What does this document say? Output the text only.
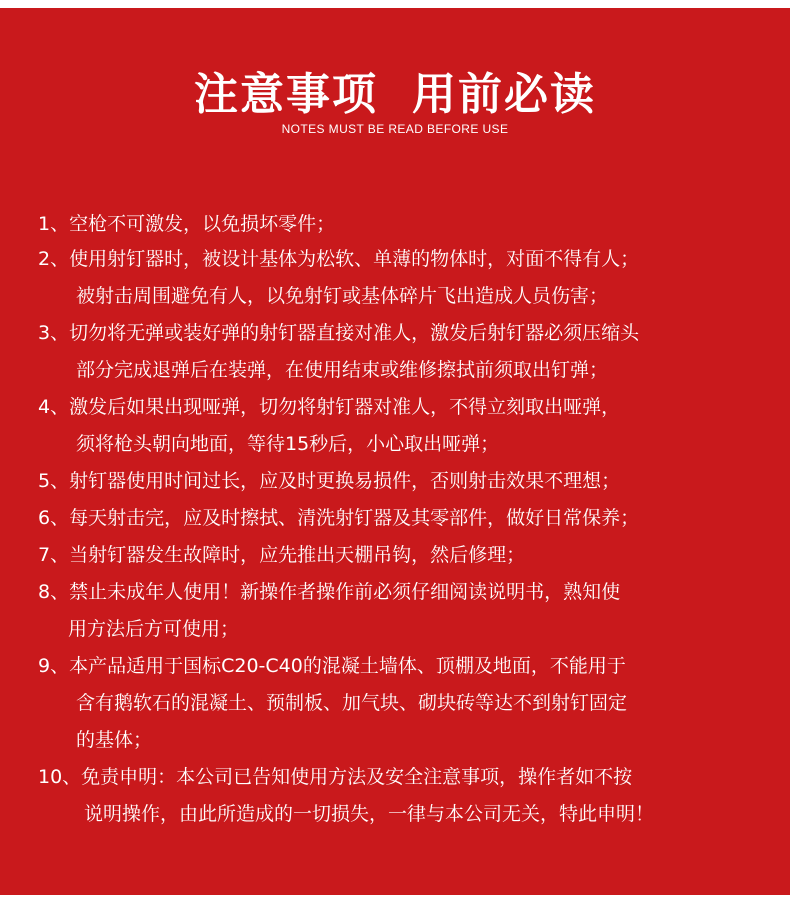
注意事项 用前必读
NOTES MUST BE READ BEFORE USE
1、空枪不可激发，以免损坏零件；
2、使用射钉器时，被设计基体为松软、单薄的物体时，对面不得有人；
被射击周围避免有人，以免射钉或基体碎片飞出造成人员伤害；
3、切勿将无弹或装好弹的射钉器直接对准人，激发后射钉器必须压缩头
部分完成退弹后在装弹，在使用结束或维修擦拭前须取出钉弹；
4、激发后如果出现哑弹，切勿将射钉器对准人，不得立刻取出哑弹，
须将枪头朝向地面，等待15秒后，小心取出哑弹；
5、射钉器使用时间过长，应及时更换易损件，否则射击效果不理想；
6、每天射击完，应及时擦拭、清洗射钉器及其零部件，做好日常保养；
7、当射钉器发生故障时，应先推出天棚吊钩，然后修理；
8、禁止未成年人使用！新操作者操作前必须仔细阅读说明书，熟知使
用方法后方可使用；
9、本产品适用于国标C20-C40的混凝土墙体、顶棚及地面，不能用于
含有鹅软石的混凝土、预制板、加气块、砌块砖等达不到射钉固定
的基体；
10、免责申明：本公司已告知使用方法及安全注意事项，操作者如不按
说明操作，由此所造成的一切损失，一律与本公司无关，特此申明！
